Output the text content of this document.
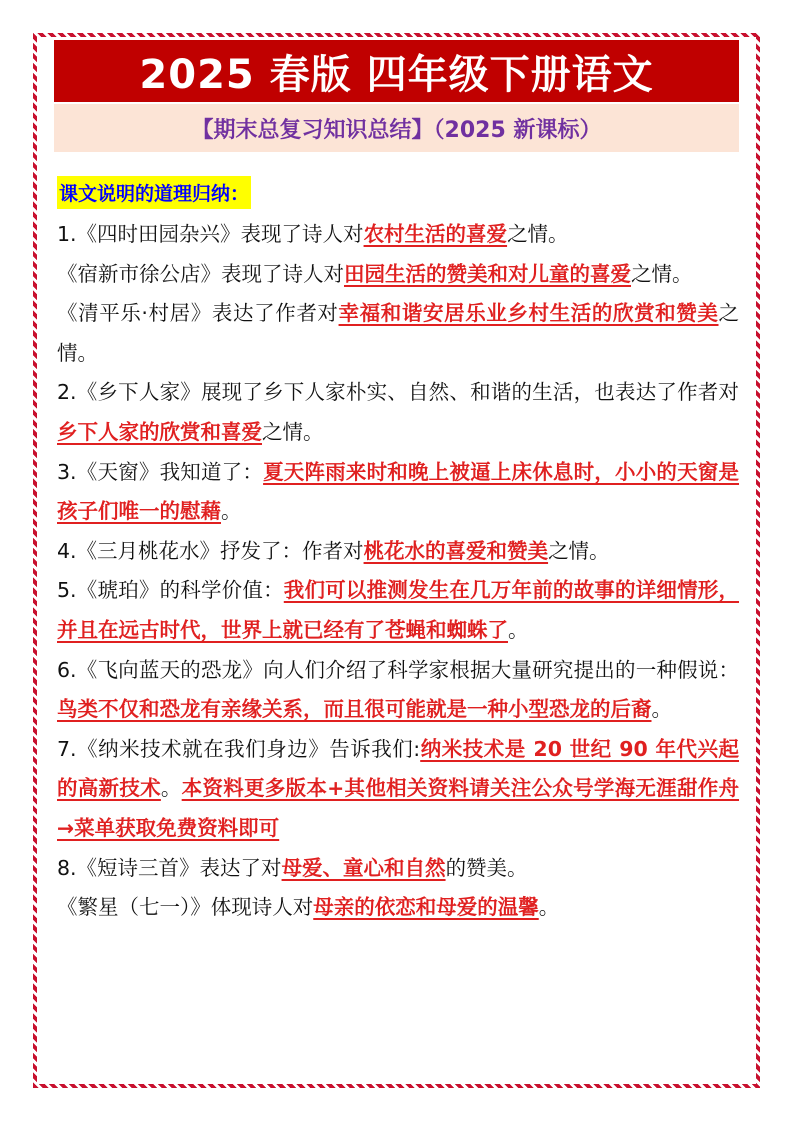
2025 春版 四年级下册语文
【期末总复习知识总结】（2025 新课标）
课文说明的道理归纳：

1.《四时田园杂兴》表现了诗人对农村生活的喜爱之情。

《宿新市徐公店》表现了诗人对田园生活的赞美和对儿童的喜爱之情。

《清平乐·村居》表达了作者对幸福和谐安居乐业乡村生活的欣赏和赞美之情。

2.《乡下人家》展现了乡下人家朴实、自然、和谐的生活，也表达了作者对乡下人家的欣赏和喜爱之情。

3.《天窗》我知道了：夏天阵雨来时和晚上被逼上床休息时，小小的天窗是孩子们唯一的慰藉。

4.《三月桃花水》抒发了：作者对桃花水的喜爱和赞美之情。

5.《琥珀》的科学价值：我们可以推测发生在几万年前的故事的详细情形，并且在远古时代，世界上就已经有了苍蝇和蜘蛛了。

6.《飞向蓝天的恐龙》向人们介绍了科学家根据大量研究提出的一种假说：鸟类不仅和恐龙有亲缘关系，而且很可能就是一种小型恐龙的后裔。

7.《纳米技术就在我们身边》告诉我们:纳米技术是 20 世纪 90 年代兴起的高新技术。本资料更多版本+其他相关资料请关注公众号学海无涯甜作舟→菜单获取免费资料即可

8.《短诗三首》表达了对母爱、童心和自然的赞美。

《繁星（七一）》体现诗人对母亲的依恋和母爱的温馨。
